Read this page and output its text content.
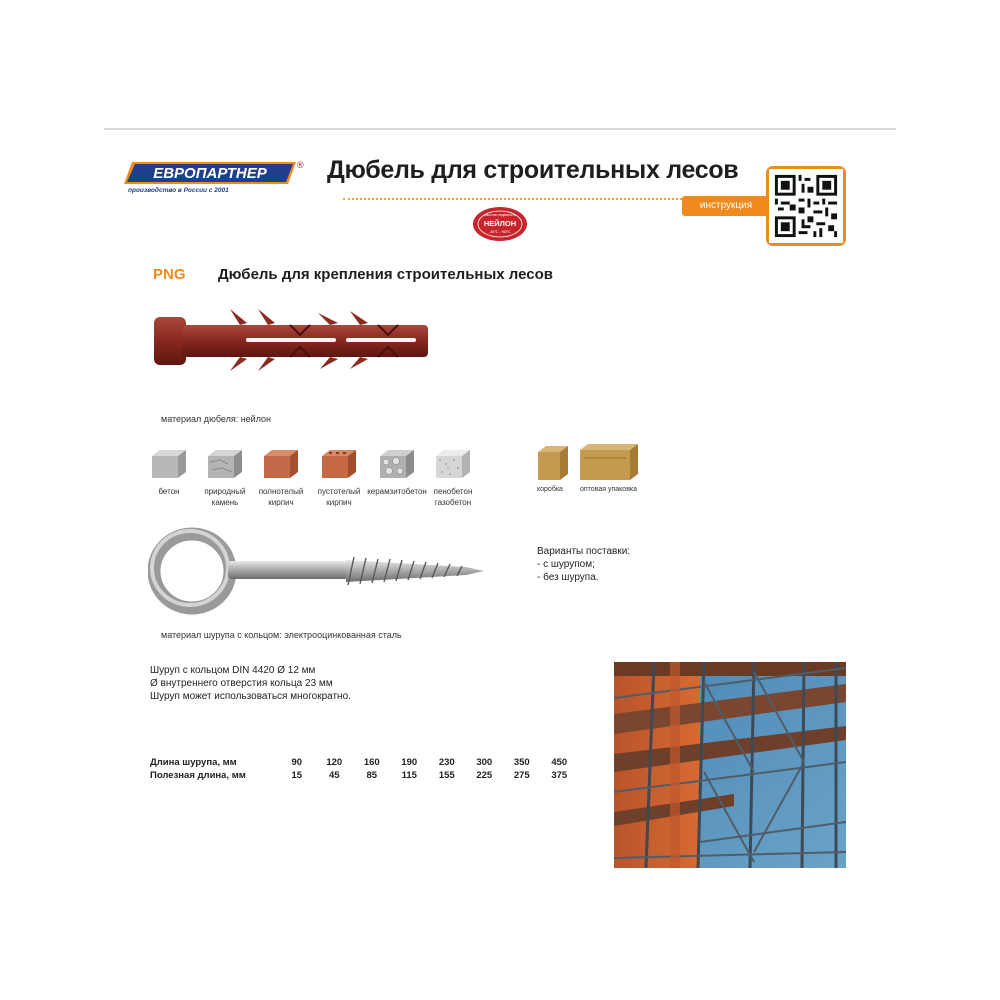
ЕВРОПАРТНЕР	®
производство в России с 2001
Дюбель для строительных лесов
инструкция
НЕЙЛОН
качество надёжность
-40°C - +80°C
PNG Дюбель для крепления строительных лесов
материал дюбеля: нейлон
бетон	природный камень
полнотелый кирпич
пустотелый кирпич
керамзитобетон пенобетон газобетон
коробка оптовая упаковка
материал шурупа с кольцом: электрооцинкованная сталь
Варианты поставки:
- с шурупом;
- без шурупа.
Шуруп с кольцом DIN 4420 Ø 12 мм
Ø внутреннего отверстия кольца 23 мм
Шуруп может использоваться многократно.
Длина шурупа, мм	90	120	160	190	230	300	350	450
Полезная длина, мм	15	45	85	115	155	225	275	375
